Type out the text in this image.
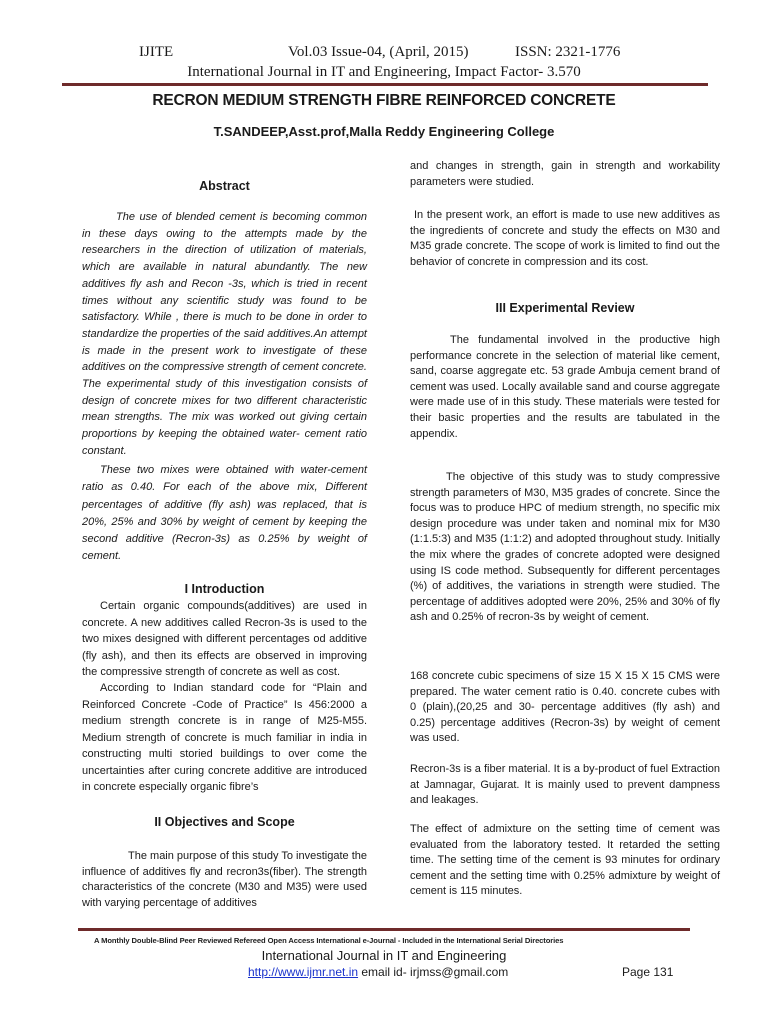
IJITE	Vol.03 Issue-04, (April, 2015)	ISSN: 2321-1776
International Journal in IT and Engineering, Impact Factor- 3.570
RECRON MEDIUM STRENGTH FIBRE REINFORCED CONCRETE
T.SANDEEP,Asst.prof,Malla Reddy Engineering College
Abstract
The use of blended cement is becoming common in these days owing to the attempts made by the researchers in the direction of utilization of materials, which are available in natural abundantly. The new additives fly ash and Recon -3s, which is tried in recent times without any scientific study was found to be satisfactory. While , there is much to be done in order to standardize the properties of the said additives.An attempt is made in the present work to investigate of these additives on the compressive strength of cement concrete. The experimental study of this investigation consists of design of concrete mixes for two different characteristic mean strengths. The mix was worked out giving certain proportions by keeping the obtained water- cement ratio constant.
These two mixes were obtained with water-cement ratio as 0.40. For each of the above mix, Different percentages of additive (fly ash) was replaced, that is 20%, 25% and 30% by weight of cement by keeping the second additive (Recron-3s) as 0.25% by weight of cement.
I Introduction
Certain organic compounds(additives) are used in concrete. A new additives called Recron-3s is used to the two mixes designed with different percentages od additive (fly ash), and then its effects are observed in improving the compressive strength of concrete as well as cost.
According to Indian standard code for “Plain and Reinforced Concrete -Code of Practice” Is 456:2000 a medium strength concrete is in range of M25-M55. Medium strength of concrete is much familiar in india in constructing multi storied buildings to over come the uncertainties after curing concrete additive are introduced in concrete especially organic fibre’s
II Objectives and Scope
The main purpose of this study To investigate the influence of additives fly and recron3s(fiber). The strength characteristics of the concrete (M30 and M35) were used with varying percentage of additives
and changes in strength, gain in strength and workability parameters were studied.
In the present work, an effort is made to use new additives as the ingredients of concrete and study the effects on M30 and M35 grade concrete. The scope of work is limited to find out the behavior of concrete in compression and its cost.
III Experimental Review
The fundamental involved in the productive high performance concrete in the selection of material like cement, sand, coarse aggregate etc. 53 grade Ambuja cement brand of cement was used. Locally available sand and course aggregate were made use of in this study. These materials were tested for their basic properties and the results are tabulated in the appendix.
The objective of this study was to study compressive strength parameters of M30, M35 grades of concrete. Since the focus was to produce HPC of medium strength, no specific mix design procedure was under taken and nominal mix for M30 (1:1.5:3) and M35 (1:1:2) and adopted throughout study. Initially the mix where the grades of concrete adopted were designed using IS code method. Subsequently for different percentages (%) of additives, the variations in strength were studied. The percentage of additives adopted were 20%, 25% and 30% of fly ash and 0.25% of recron-3s by weight of cement.
168 concrete cubic specimens of size 15 X 15 X 15 CMS were prepared. The water cement ratio is 0.40. concrete cubes with 0 (plain),(20,25 and 30- percentage additives (fly ash) and 0.25) percentage additives (Recron-3s) by weight of cement was used.
Recron-3s is a fiber material. It is a by-product of fuel Extraction at Jamnagar, Gujarat. It is mainly used to prevent dampness and leakages.
The effect of admixture on the setting time of cement was evaluated from the laboratory tested. It retarded the setting time. The setting time of the cement is 93 minutes for ordinary cement and the setting time with 0.25% admixture by weight of cement is 115 minutes.
A Monthly Double-Blind Peer Reviewed Refereed Open Access International e-Journal - Included in the International Serial Directories
International Journal in IT and Engineering
http://www.ijmr.net.in email id- irjmss@gmail.com	Page 131
